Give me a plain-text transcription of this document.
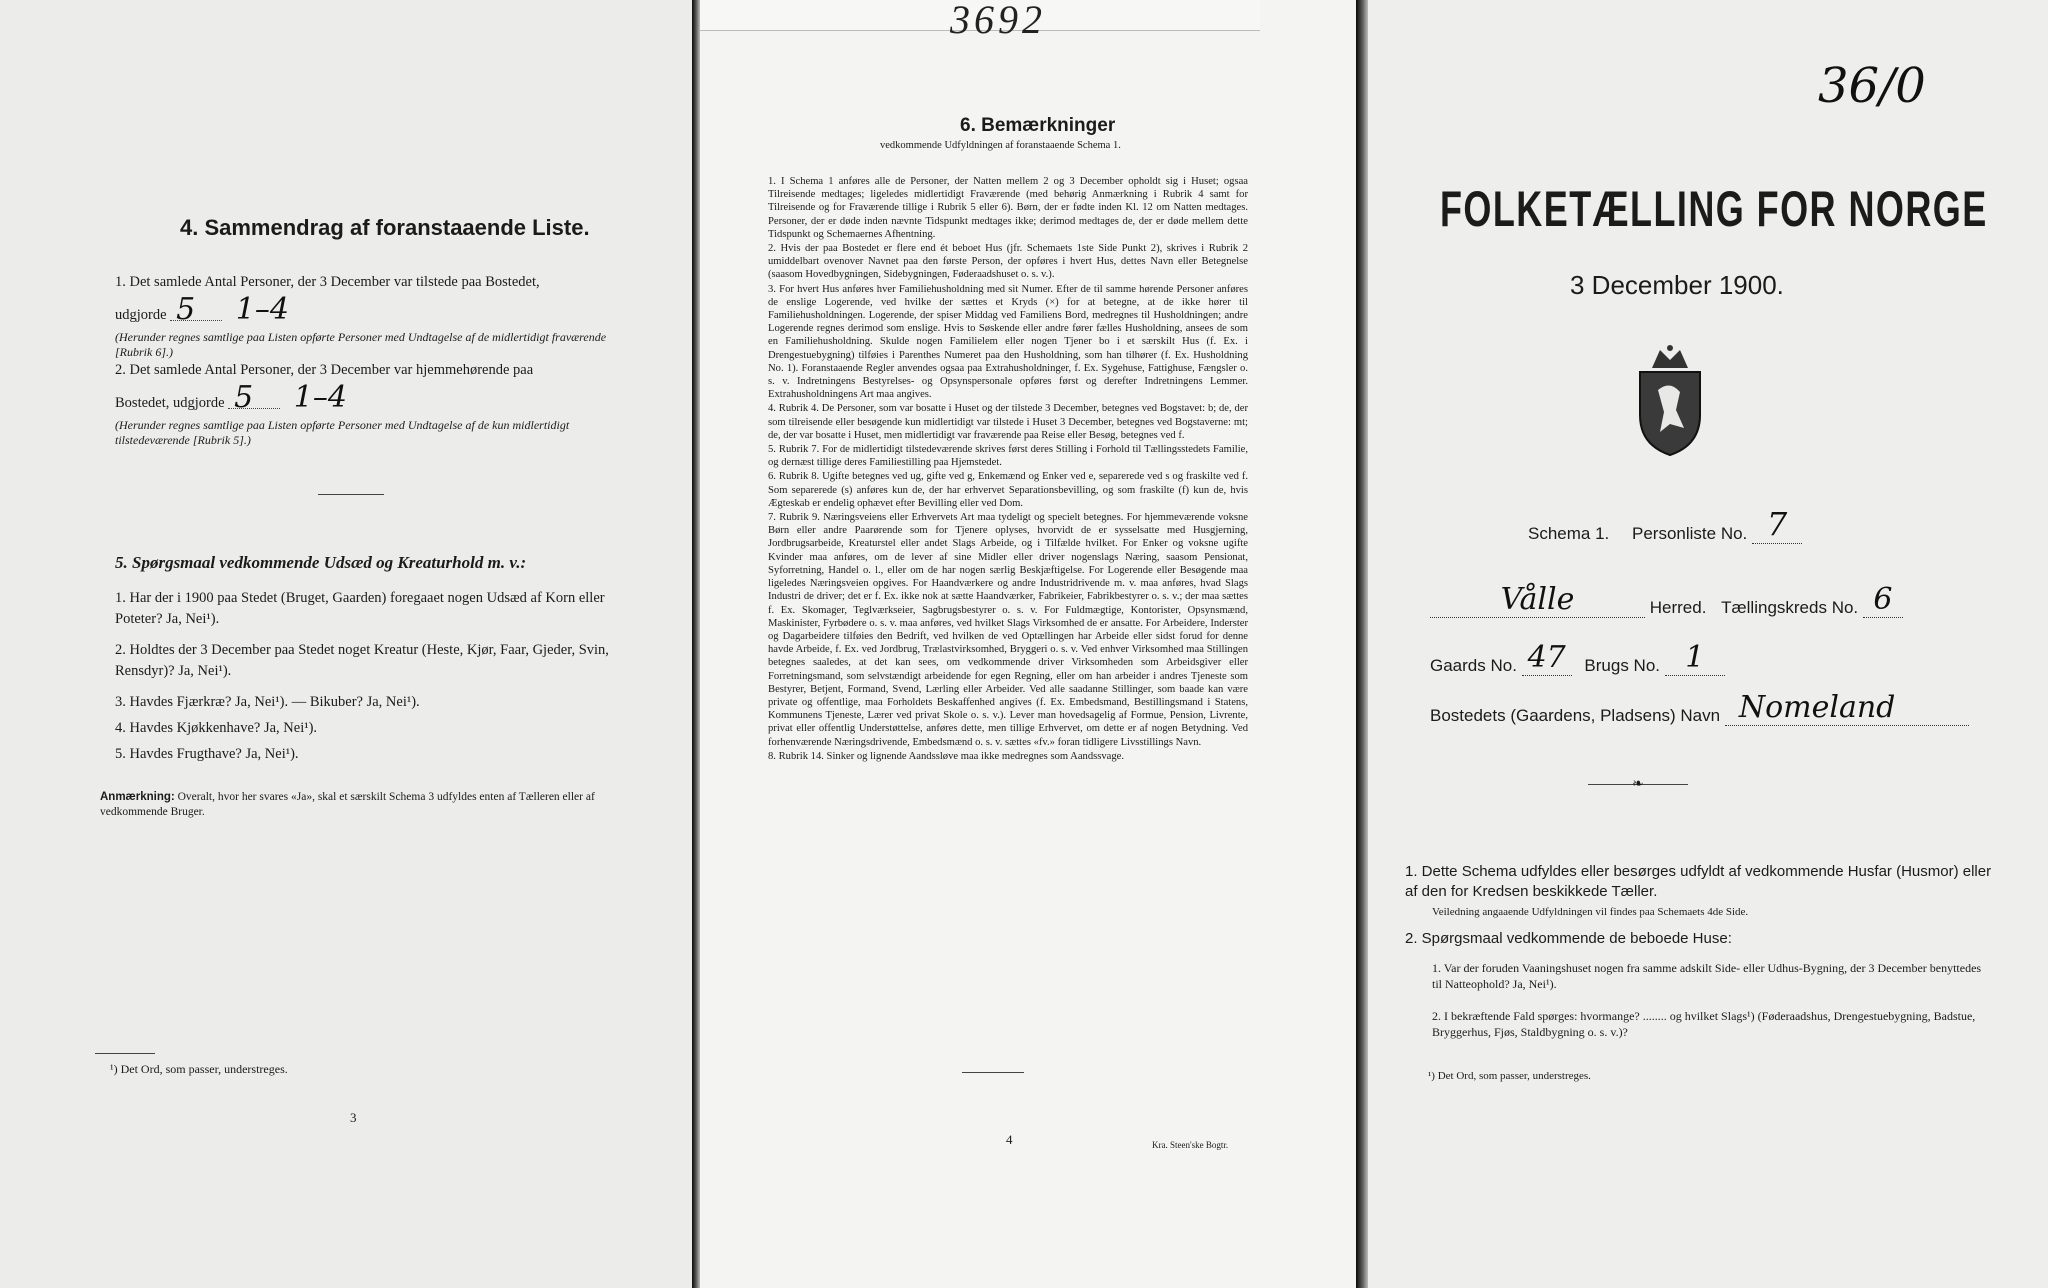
4. Sammendrag af foranstaaende Liste.
1. Det samlede Antal Personer, der 3 December var tilstede paa Bostedet,
udgjorde 5 1–4
(Herunder regnes samtlige paa Listen opførte Personer med Undtagelse af de midlertidigt fraværende [Rubrik 6].)
2. Det samlede Antal Personer, der 3 December var hjemmehørende paa
Bostedet, udgjorde 5 1–4
(Herunder regnes samtlige paa Listen opførte Personer med Undtagelse af de kun midlertidigt tilstedeværende [Rubrik 5].)
5. Spørgsmaal vedkommende Udsæd og Kreaturhold m. v.:
1. Har der i 1900 paa Stedet (Bruget, Gaarden) foregaaet nogen Udsæd af Korn eller Poteter? Ja, Nei¹).
2. Holdtes der 3 December paa Stedet noget Kreatur (Heste, Kjør, Faar, Gjeder, Svin, Rensdyr)? Ja, Nei¹).
3. Havdes Fjærkræ? Ja, Nei¹). — Bikuber? Ja, Nei¹).
4. Havdes Kjøkkenhave? Ja, Nei¹).
5. Havdes Frugthave? Ja, Nei¹).
Anmærkning: Overalt, hvor her svares «Ja», skal et særskilt Schema 3 udfyldes enten af Tælleren eller af vedkommende Bruger.
¹) Det Ord, som passer, understreges.
3
3692
6. Bemærkninger
vedkommende Udfyldningen af foranstaaende Schema 1.
1. I Schema 1 anføres alle de Personer, der Natten mellem 2 og 3 December opholdt sig i Huset; ogsaa Tilreisende medtages; ligeledes midlertidigt Fraværende (med behørig Anmærkning i Rubrik 4 samt for Tilreisende og for Fraværende tillige i Rubrik 5 eller 6). Børn, der er fødte inden Kl. 12 om Natten medtages. Personer, der er døde inden nævnte Tidspunkt medtages ikke; derimod medtages de, der er døde mellem dette Tidspunkt og Schemaernes Afhentning.
2. Hvis der paa Bostedet er flere end ét beboet Hus (jfr. Schemaets 1ste Side Punkt 2), skrives i Rubrik 2 umiddelbart ovenover Navnet paa den første Person, der opføres i hvert Hus, dettes Navn eller Betegnelse (saasom Hovedbygningen, Sidebygningen, Føderaadshuset o. s. v.).
3. For hvert Hus anføres hver Familiehusholdning med sit Numer. Efter de til samme hørende Personer anføres de enslige Logerende, ved hvilke der sættes et Kryds (×) for at betegne, at de ikke hører til Familiehusholdningen. Logerende, der spiser Middag ved Familiens Bord, medregnes til Husholdningen; andre Logerende regnes derimod som enslige. Hvis to Søskende eller andre fører fælles Husholdning, ansees de som en Familiehusholdning. Skulde nogen Familielem eller nogen Tjener bo i et særskilt Hus (f. Ex. i Drengestuebygning) tilføies i Parenthes Numeret paa den Husholdning, som han tilhører (f. Ex. Husholdning No. 1). Foranstaaende Regler anvendes ogsaa paa Extrahusholdninger, f. Ex. Sygehuse, Fattighuse, Fængsler o. s. v. Indretningens Bestyrelses- og Opsynspersonale opføres først og derefter Indretningens Lemmer. Extrahusholdningens Art maa angives.
4. Rubrik 4. De Personer, som var bosatte i Huset og der tilstede 3 December, betegnes ved Bogstavet: b; de, der som tilreisende eller besøgende kun midlertidigt var tilstede i Huset 3 December, betegnes ved Bogstaverne: mt; de, der var bosatte i Huset, men midlertidigt var fraværende paa Reise eller Besøg, betegnes ved f.
5. Rubrik 7. For de midlertidigt tilstedeværende skrives først deres Stilling i Forhold til Tællingsstedets Familie, og dernæst tillige deres Familiestilling paa Hjemstedet.
6. Rubrik 8. Ugifte betegnes ved ug, gifte ved g, Enkemænd og Enker ved e, separerede ved s og fraskilte ved f. Som separerede (s) anføres kun de, der har erhvervet Separationsbevilling, og som fraskilte (f) kun de, hvis Ægteskab er endelig ophævet efter Bevilling eller ved Dom.
7. Rubrik 9. Næringsveiens eller Erhvervets Art maa tydeligt og specielt betegnes. For hjemmeværende voksne Børn eller andre Paarørende som for Tjenere oplyses, hvorvidt de er sysselsatte med Husgjerning, Jordbrugsarbeide, Kreaturstel eller andet Slags Arbeide, og i Tilfælde hvilket. For Enker og voksne ugifte Kvinder maa anføres, om de lever af sine Midler eller driver nogenslags Næring, saasom Pensionat, Syforretning, Handel o. l., eller om de har nogen særlig Beskjæftigelse. For Logerende eller Besøgende maa ligeledes Næringsveien opgives. For Haandværkere og andre Industridrivende m. v. maa anføres, hvad Slags Industri de driver; det er f. Ex. ikke nok at sætte Haandværker, Fabrikeier, Fabrikbestyrer o. s. v.; der maa sættes f. Ex. Skomager, Teglværkseier, Sagbrugsbestyrer o. s. v. For Fuldmægtige, Kontorister, Opsynsmænd, Maskinister, Fyrbødere o. s. v. maa anføres, ved hvilket Slags Virksomhed de er ansatte. For Arbeidere, Inderster og Dagarbeidere tilføies den Bedrift, ved hvilken de ved Optællingen har Arbeide eller sidst forud for denne havde Arbeide, f. Ex. ved Jordbrug, Trælastvirksomhed, Bryggeri o. s. v. Ved enhver Virksomhed maa Stillingen betegnes saaledes, at det kan sees, om vedkommende driver Virksomheden som Arbeidsgiver eller Forretningsmand, som selvstændigt arbeidende for egen Regning, eller om han arbeider i andres Tjeneste som Bestyrer, Betjent, Formand, Svend, Lærling eller Arbeider. Ved alle saadanne Stillinger, som baade kan være private og offentlige, maa Forholdets Beskaffenhed angives (f. Ex. Embedsmand, Bestillingsmand i Statens, Kommunens Tjeneste, Lærer ved privat Skole o. s. v.). Lever man hovedsagelig af Formue, Pension, Livrente, privat eller offentlig Understøttelse, anføres dette, men tillige Erhvervet, om dette er af nogen Betydning. Ved forhenværende Næringsdrivende, Embedsmænd o. s. v. sættes «fv.» foran tidligere Livsstillings Navn.
8. Rubrik 14. Sinker og lignende Aandssløve maa ikke medregnes som Aandssvage.
4	Kra. Steen'ske Bogtr.
36/0
FOLKETÆLLING FOR NORGE
3 December 1900.
Schema 1. Personliste No. 7
Vålle	Herred. Tællingskreds No. 6
Gaards No. 47 Brugs No. 1
Bostedets (Gaardens, Pladsens) Navn Nomeland
❧
1. Dette Schema udfyldes eller besørges udfyldt af vedkommende Husfar (Husmor) eller af den for Kredsen beskikkede Tæller.
Veiledning angaaende Udfyldningen vil findes paa Schemaets 4de Side.
2. Spørgsmaal vedkommende de beboede Huse:
1. Var der foruden Vaaningshuset nogen fra samme adskilt Side- eller Udhus-Bygning, der 3 December benyttedes til Natteophold? Ja, Nei¹).
2. I bekræftende Fald spørges: hvormange? ........ og hvilket Slags¹) (Føderaadshus, Drengestuebygning, Badstue, Bryggerhus, Fjøs, Staldbygning o. s. v.)?
¹) Det Ord, som passer, understreges.
